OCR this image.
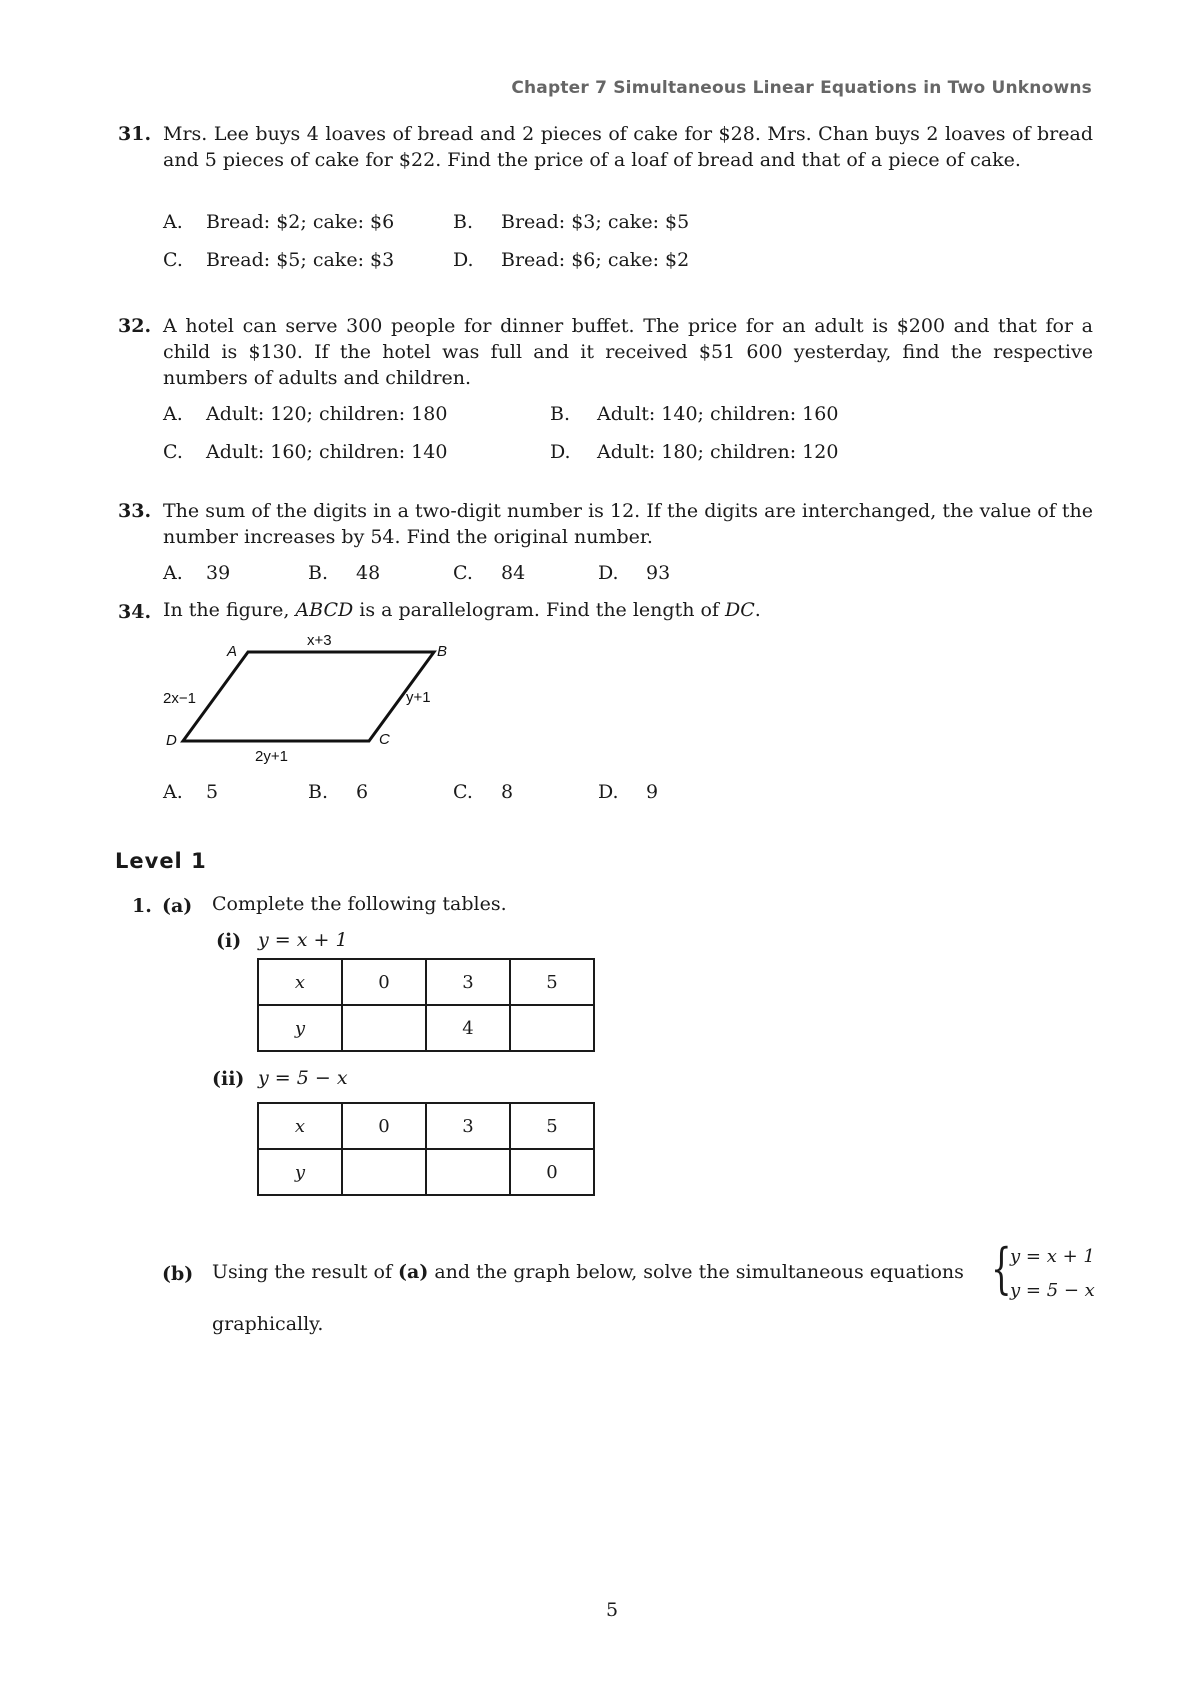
Chapter 7 Simultaneous Linear Equations in Two Unknowns
31. Mrs. Lee buys 4 loaves of bread and 2 pieces of cake for $28. Mrs. Chan buys 2 loaves of bread and 5 pieces of cake for $22. Find the price of a loaf of bread and that of a piece of cake.
A. Bread: $2; cake: $6	B. Bread: $3; cake: $5
C. Bread: $5; cake: $3	D. Bread: $6; cake: $2
32. A hotel can serve 300 people for dinner buffet. The price for an adult is $200 and that for a child is $130. If the hotel was full and it received $51 600 yesterday, find the respective numbers of adults and children.
A. Adult: 120; children: 180	B. Adult: 140; children: 160
C. Adult: 160; children: 140	D. Adult: 180; children: 120
33. The sum of the digits in a two-digit number is 12. If the digits are interchanged, the value of the number increases by 54. Find the original number.
A. 39	B. 48	C. 84	D. 93
34. In the figure, ABCD is a parallelogram. Find the length of DC.
A	B
C
D
x+3
2x−1	y+1
2y+1
A. 5	B. 6	C. 8	D. 9
Level 1
1. (a) Complete the following tables.
(i) y = x + 1
x	0	3	5
y		4	
(ii) y = 5 − x
x	0	3	5
y			0
(b) Using the result of (a) and the graph below, solve the simultaneous equations {
y = x + 1
y = 5 − x
graphically.
5
